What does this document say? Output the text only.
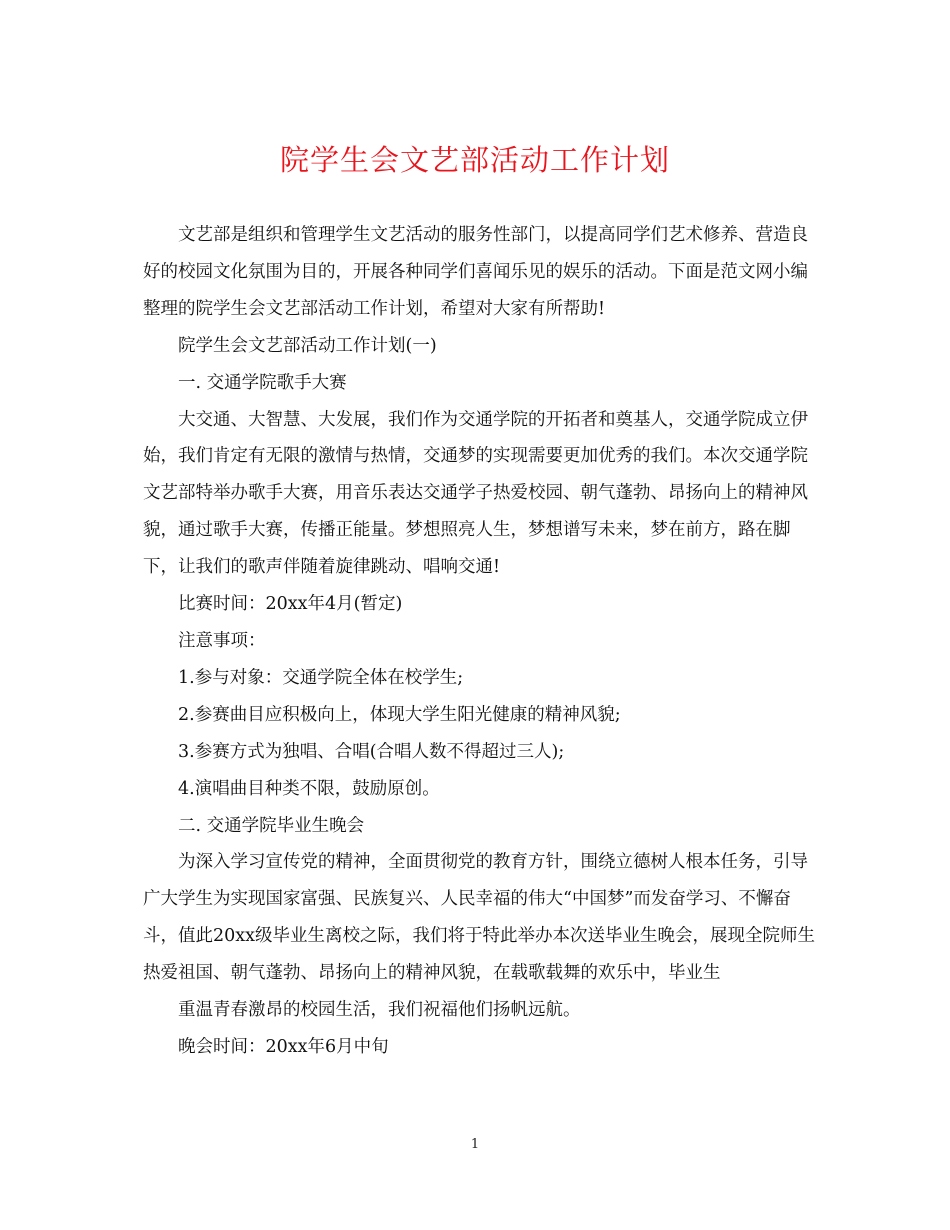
院学生会文艺部活动工作计划

文艺部是组织和管理学生文艺活动的服务性部门，以提高同学们艺术修养、营造良好的校园文化氛围为目的，开展各种同学们喜闻乐见的娱乐的活动。下面是范文网小编整理的院学生会文艺部活动工作计划，希望对大家有所帮助!

院学生会文艺部活动工作计划(一)

一. 交通学院歌手大赛

大交通、大智慧、大发展，我们作为交通学院的开拓者和奠基人，交通学院成立伊始，我们肯定有无限的激情与热情，交通梦的实现需要更加优秀的我们。本次交通学院文艺部特举办歌手大赛，用音乐表达交通学子热爱校园、朝气蓬勃、昂扬向上的精神风貌，通过歌手大赛，传播正能量。梦想照亮人生，梦想谱写未来，梦在前方，路在脚下，让我们的歌声伴随着旋律跳动、唱响交通!

比赛时间：20xx年4月(暂定)

注意事项：

1.参与对象：交通学院全体在校学生;

2.参赛曲目应积极向上，体现大学生阳光健康的精神风貌;

3.参赛方式为独唱、合唱(合唱人数不得超过三人);

4.演唱曲目种类不限，鼓励原创。

二. 交通学院毕业生晚会

为深入学习宣传党的精神，全面贯彻党的教育方针，围绕立德树人根本任务，引导广大学生为实现国家富强、民族复兴、人民幸福的伟大“中国梦”而发奋学习、不懈奋斗，值此20xx级毕业生离校之际，我们将于特此举办本次送毕业生晚会，展现全院师生热爱祖国、朝气蓬勃、昂扬向上的精神风貌，在载歌载舞的欢乐中，毕业生

重温青春激昂的校园生活，我们祝福他们扬帆远航。

晚会时间：20xx年6月中旬

1
